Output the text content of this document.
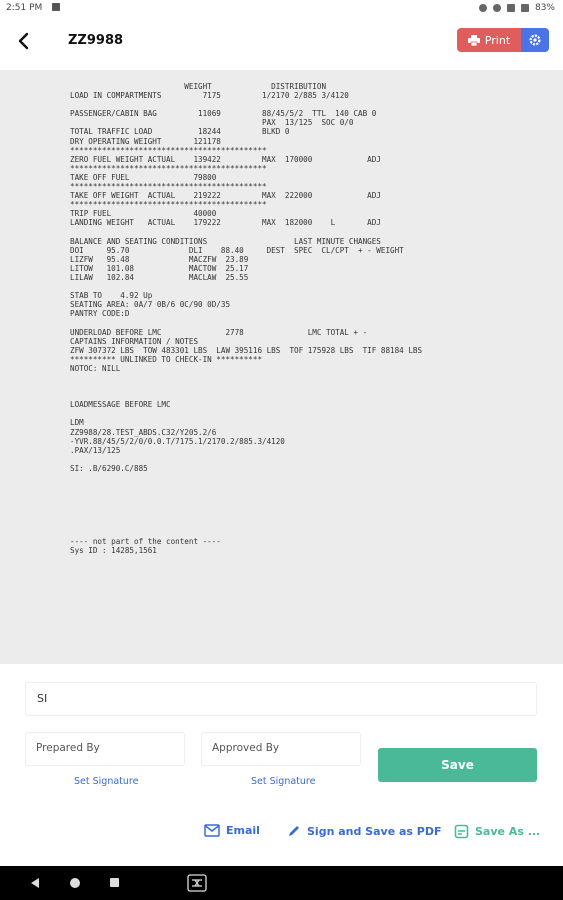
2:51 PM	83%
ZZ9988	Print
WEIGHT             DISTRIBUTION
LOAD IN COMPARTMENTS         7175         1/2170 2/885 3/4120

PASSENGER/CABIN BAG         11069         88/45/5/2  TTL  140 CAB 0
PAX  13/125  SOC 0/0
TOTAL TRAFFIC LOAD          18244         BLKD 0
DRY OPERATING WEIGHT       121178
*******************************************
ZERO FUEL WEIGHT ACTUAL    139422         MAX  170000            ADJ
*******************************************
TAKE OFF FUEL              79800
*******************************************
TAKE OFF WEIGHT  ACTUAL    219222         MAX  222000            ADJ
*******************************************
TRIP FUEL                  40000
LANDING WEIGHT   ACTUAL    179222         MAX  182000    L       ADJ

BALANCE AND SEATING CONDITIONS                   LAST MINUTE CHANGES
DOI     95.70             DLI    88.40     DEST  SPEC  CL/CPT  + - WEIGHT
LIZFW   95.48             MACZFW  23.89
LITOW   101.08            MACTOW  25.17
LILAW   102.84            MACLAW  25.55

STAB TO    4.92 Up
SEATING AREA: 0A/7 0B/6 0C/90 0D/35
PANTRY CODE:D

UNDERLOAD BEFORE LMC              2778              LMC TOTAL + -
CAPTAINS INFORMATION / NOTES
ZFW 307372 LBS  TOW 483301 LBS  LAW 395116 LBS  TOF 175928 LBS  TIF 88184 LBS
********** UNLINKED TO CHECK-IN **********
NOTOC: NILL

LOADMESSAGE BEFORE LMC

LDM
ZZ9988/28.TEST_ABDS.C32/Y205.2/6
-YVR.88/45/5/2/0/0.0.T/7175.1/2170.2/885.3/4120
.PAX/13/125

SI: .B/6290.C/885

---- not part of the content ----
Sys ID : 14285,1561
SI
Prepared By	Approved By
Set Signature	Set Signature
Save
Email	Sign and Save as PDF	Save As ...
